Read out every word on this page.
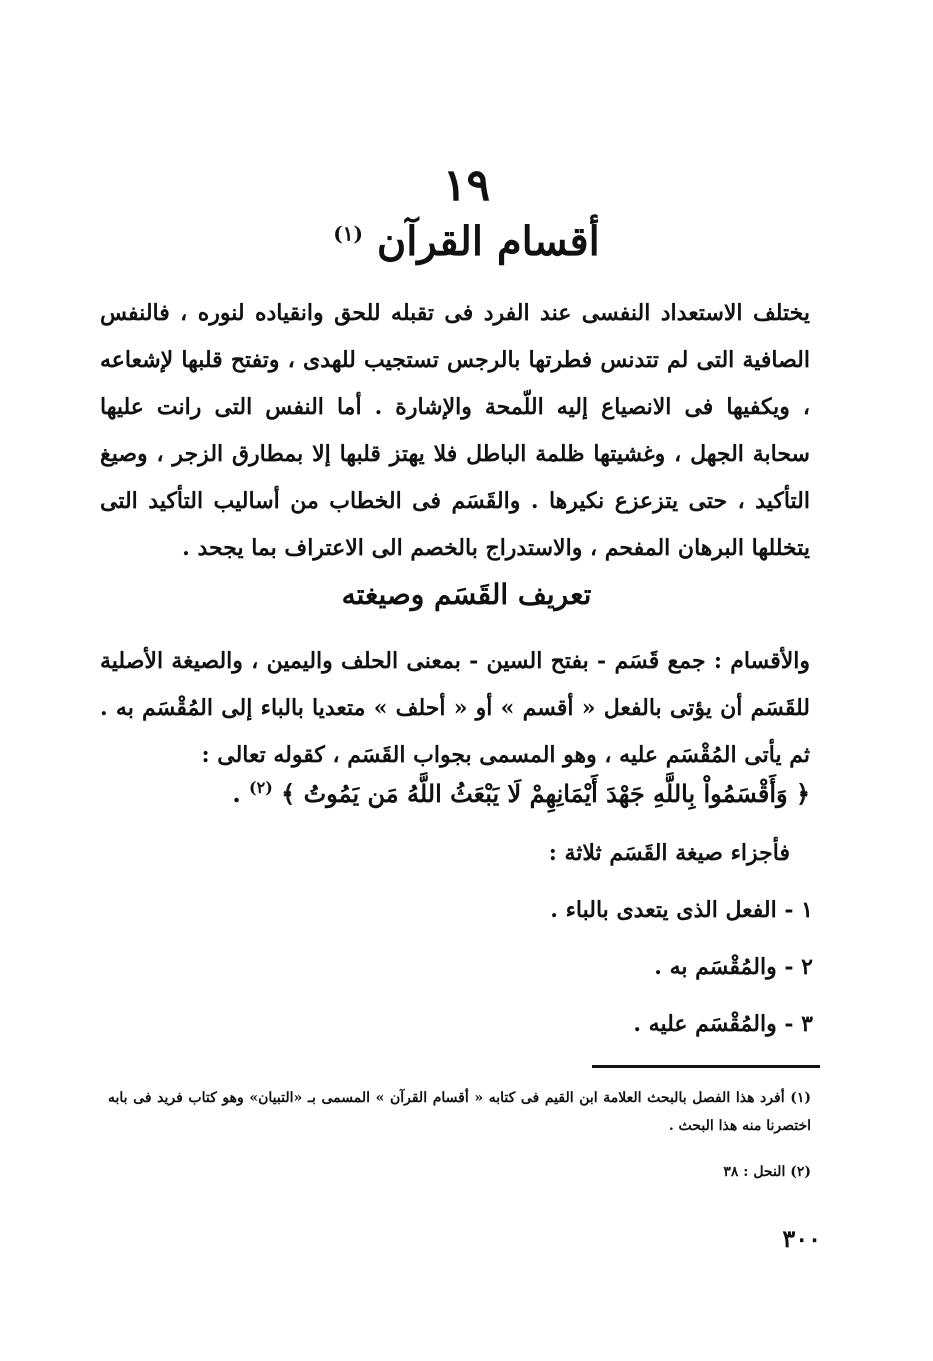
١٩
أقسام القرآن $^{(١)}$
يختلف الاستعداد النفسى عند الفرد فى تقبله للحق وانقياده لنوره ، فالنفس الصافية التى لم تتدنس فطرتها بالرجس تستجيب للهدى ، وتفتح قلبها لإشعاعه ، ويكفيها فى الانصياع إليه اللّمحة والإشارة . أما النفس التى رانت عليها سحابة الجهل ، وغشيتها ظلمة الباطل فلا يهتز قلبها إلا بمطارق الزجر ، وصيغ التأكيد ، حتى يتزعزع نكيرها . والقَسَم فى الخطاب من أساليب التأكيد التى يتخللها البرهان المفحم ، والاستدراج بالخصم الى الاعتراف بما يجحد .
تعريف القَسَم وصيغته
والأقسام : جمع قَسَم - بفتح السين - بمعنى الحلف واليمين ، والصيغة الأصلية للقَسَم أن يؤتى بالفعل « أقسم » أو « أحلف » متعديا بالباء إلى المُقْسَم به . ثم يأتى المُقْسَم عليه ، وهو المسمى بجواب القَسَم ، كقوله تعالى :
﴿ وَأَقْسَمُواْ بِاللَّهِ جَهْدَ أَيْمَانِهِمْ لَا يَبْعَثُ اللَّهُ مَن يَمُوتُ ﴾ $^{(٢)}$ .
فأجزاء صيغة القَسَم ثلاثة :
١ - الفعل الذى يتعدى بالباء .
٢ - والمُقْسَم به .
٣ - والمُقْسَم عليه .
(١) أفرد هذا الفصل بالبحث العلامة ابن القيم فى كتابه « أقسام القرآن » المسمى بـ «التبيان» وهو كتاب فريد فى بابه اختصرنا منه هذا البحث .
(٢) النحل : ٣٨
٣٠٠
